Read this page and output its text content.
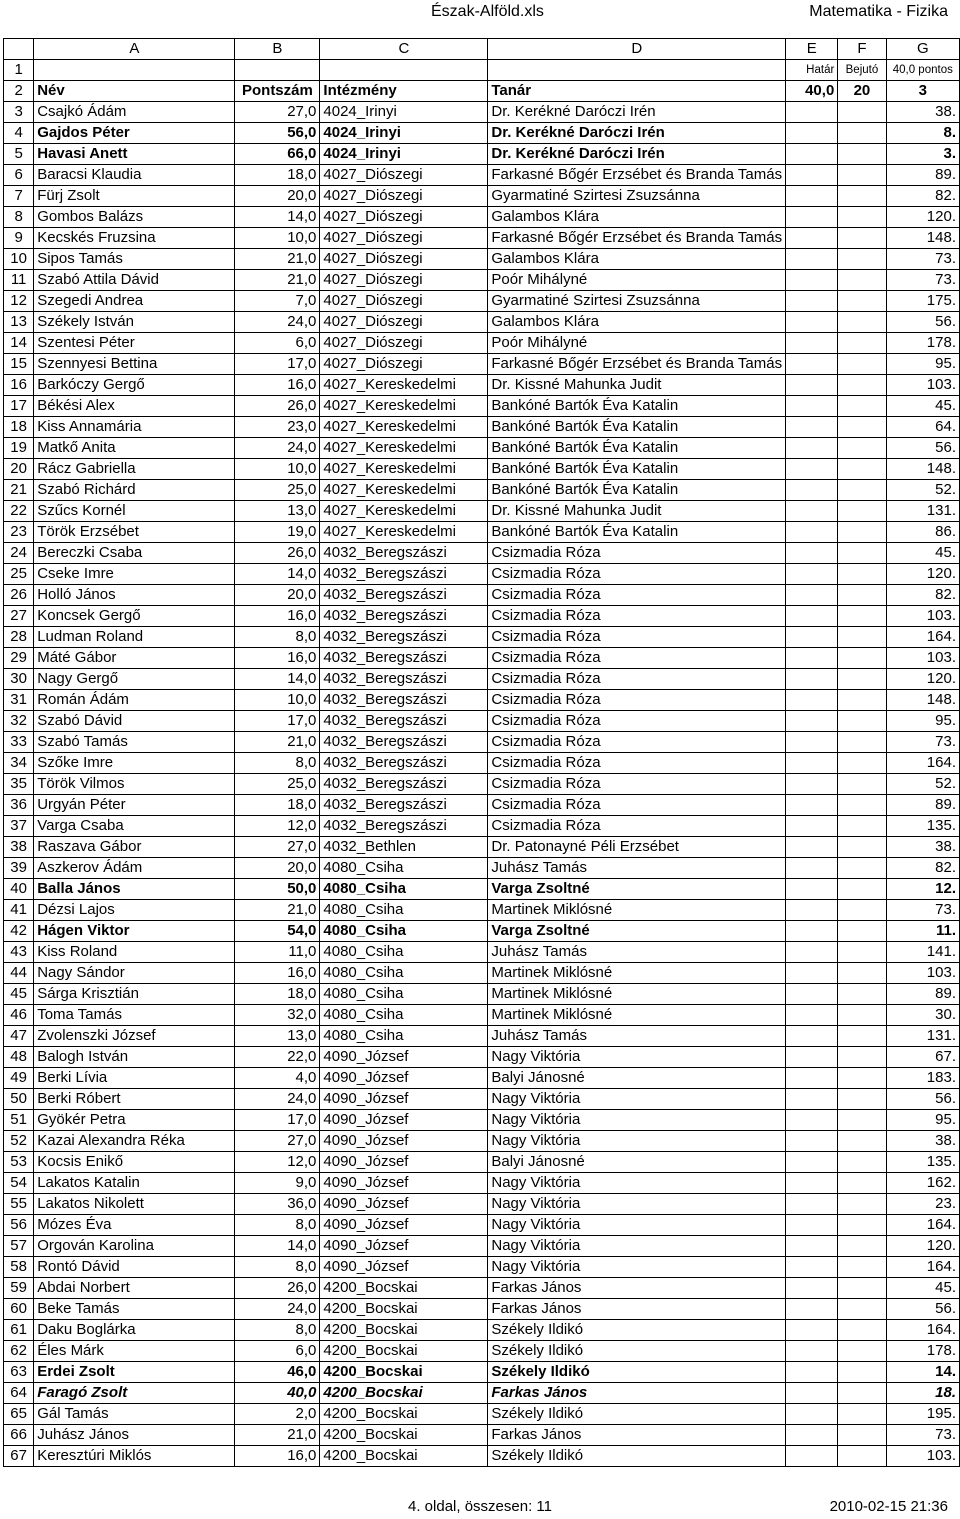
Észak-Alföld.xls	Matematika - Fizika
	A	B	C	D	E	F	G
1					Határ	Bejutó	40,0 pontos
2	Név	Pontszám	Intézmény	Tanár	40,0	20	3
3	Csajkó Ádám	27,0	4024_Irinyi	Dr. Kerékné Daróczi Irén			38.
4	Gajdos Péter	56,0	4024_Irinyi	Dr. Kerékné Daróczi Irén			8.
5	Havasi Anett	66,0	4024_Irinyi	Dr. Kerékné Daróczi Irén			3.
6	Baracsi Klaudia	18,0	4027_Diószegi	Farkasné Bőgér Erzsébet és Branda Tamás			89.
7	Fürj Zsolt	20,0	4027_Diószegi	Gyarmatiné Szirtesi Zsuzsánna			82.
8	Gombos Balázs	14,0	4027_Diószegi	Galambos Klára			120.
9	Kecskés Fruzsina	10,0	4027_Diószegi	Farkasné Bőgér Erzsébet és Branda Tamás			148.
10	Sipos Tamás	21,0	4027_Diószegi	Galambos Klára			73.
11	Szabó Attila Dávid	21,0	4027_Diószegi	Poór Mihályné			73.
12	Szegedi Andrea	7,0	4027_Diószegi	Gyarmatiné Szirtesi Zsuzsánna			175.
13	Székely István	24,0	4027_Diószegi	Galambos Klára			56.
14	Szentesi Péter	6,0	4027_Diószegi	Poór Mihályné			178.
15	Szennyesi Bettina	17,0	4027_Diószegi	Farkasné Bőgér Erzsébet és Branda Tamás			95.
16	Barkóczy Gergő	16,0	4027_Kereskedelmi	Dr. Kissné Mahunka Judit			103.
17	Békési Alex	26,0	4027_Kereskedelmi	Bankóné Bartók Éva Katalin			45.
18	Kiss Annamária	23,0	4027_Kereskedelmi	Bankóné Bartók Éva Katalin			64.
19	Matkő Anita	24,0	4027_Kereskedelmi	Bankóné Bartók Éva Katalin			56.
20	Rácz Gabriella	10,0	4027_Kereskedelmi	Bankóné Bartók Éva Katalin			148.
21	Szabó Richárd	25,0	4027_Kereskedelmi	Bankóné Bartók Éva Katalin			52.
22	Szűcs Kornél	13,0	4027_Kereskedelmi	Dr. Kissné Mahunka Judit			131.
23	Török Erzsébet	19,0	4027_Kereskedelmi	Bankóné Bartók Éva Katalin			86.
24	Bereczki Csaba	26,0	4032_Beregszászi	Csizmadia Róza			45.
25	Cseke Imre	14,0	4032_Beregszászi	Csizmadia Róza			120.
26	Holló János	20,0	4032_Beregszászi	Csizmadia Róza			82.
27	Koncsek Gergő	16,0	4032_Beregszászi	Csizmadia Róza			103.
28	Ludman Roland	8,0	4032_Beregszászi	Csizmadia Róza			164.
29	Máté Gábor	16,0	4032_Beregszászi	Csizmadia Róza			103.
30	Nagy Gergő	14,0	4032_Beregszászi	Csizmadia Róza			120.
31	Román Ádám	10,0	4032_Beregszászi	Csizmadia Róza			148.
32	Szabó Dávid	17,0	4032_Beregszászi	Csizmadia Róza			95.
33	Szabó Tamás	21,0	4032_Beregszászi	Csizmadia Róza			73.
34	Szőke Imre	8,0	4032_Beregszászi	Csizmadia Róza			164.
35	Török Vilmos	25,0	4032_Beregszászi	Csizmadia Róza			52.
36	Urgyán Péter	18,0	4032_Beregszászi	Csizmadia Róza			89.
37	Varga Csaba	12,0	4032_Beregszászi	Csizmadia Róza			135.
38	Raszava Gábor	27,0	4032_Bethlen	Dr. Patonayné Péli Erzsébet			38.
39	Aszkerov Ádám	20,0	4080_Csiha	Juhász Tamás			82.
40	Balla János	50,0	4080_Csiha	Varga Zsoltné			12.
41	Dézsi Lajos	21,0	4080_Csiha	Martinek Miklósné			73.
42	Hágen Viktor	54,0	4080_Csiha	Varga Zsoltné			11.
43	Kiss Roland	11,0	4080_Csiha	Juhász Tamás			141.
44	Nagy Sándor	16,0	4080_Csiha	Martinek Miklósné			103.
45	Sárga Krisztián	18,0	4080_Csiha	Martinek Miklósné			89.
46	Toma Tamás	32,0	4080_Csiha	Martinek Miklósné			30.
47	Zvolenszki József	13,0	4080_Csiha	Juhász Tamás			131.
48	Balogh István	22,0	4090_József	Nagy Viktória			67.
49	Berki Lívia	4,0	4090_József	Balyi Jánosné			183.
50	Berki Róbert	24,0	4090_József	Nagy Viktória			56.
51	Gyökér Petra	17,0	4090_József	Nagy Viktória			95.
52	Kazai Alexandra Réka	27,0	4090_József	Nagy Viktória			38.
53	Kocsis Enikő	12,0	4090_József	Balyi Jánosné			135.
54	Lakatos Katalin	9,0	4090_József	Nagy Viktória			162.
55	Lakatos Nikolett	36,0	4090_József	Nagy Viktória			23.
56	Mózes Éva	8,0	4090_József	Nagy Viktória			164.
57	Orgován Karolina	14,0	4090_József	Nagy Viktória			120.
58	Rontó Dávid	8,0	4090_József	Nagy Viktória			164.
59	Abdai Norbert	26,0	4200_Bocskai	Farkas János			45.
60	Beke Tamás	24,0	4200_Bocskai	Farkas János			56.
61	Daku Boglárka	8,0	4200_Bocskai	Székely Ildikó			164.
62	Éles Márk	6,0	4200_Bocskai	Székely Ildikó			178.
63	Erdei Zsolt	46,0	4200_Bocskai	Székely Ildikó			14.
64	Faragó Zsolt	40,0	4200_Bocskai	Farkas János			18.
65	Gál Tamás	2,0	4200_Bocskai	Székely Ildikó			195.
66	Juhász János	21,0	4200_Bocskai	Farkas János			73.
67	Keresztúri Miklós	16,0	4200_Bocskai	Székely Ildikó			103.
4. oldal, összesen: 11	2010-02-15 21:36
